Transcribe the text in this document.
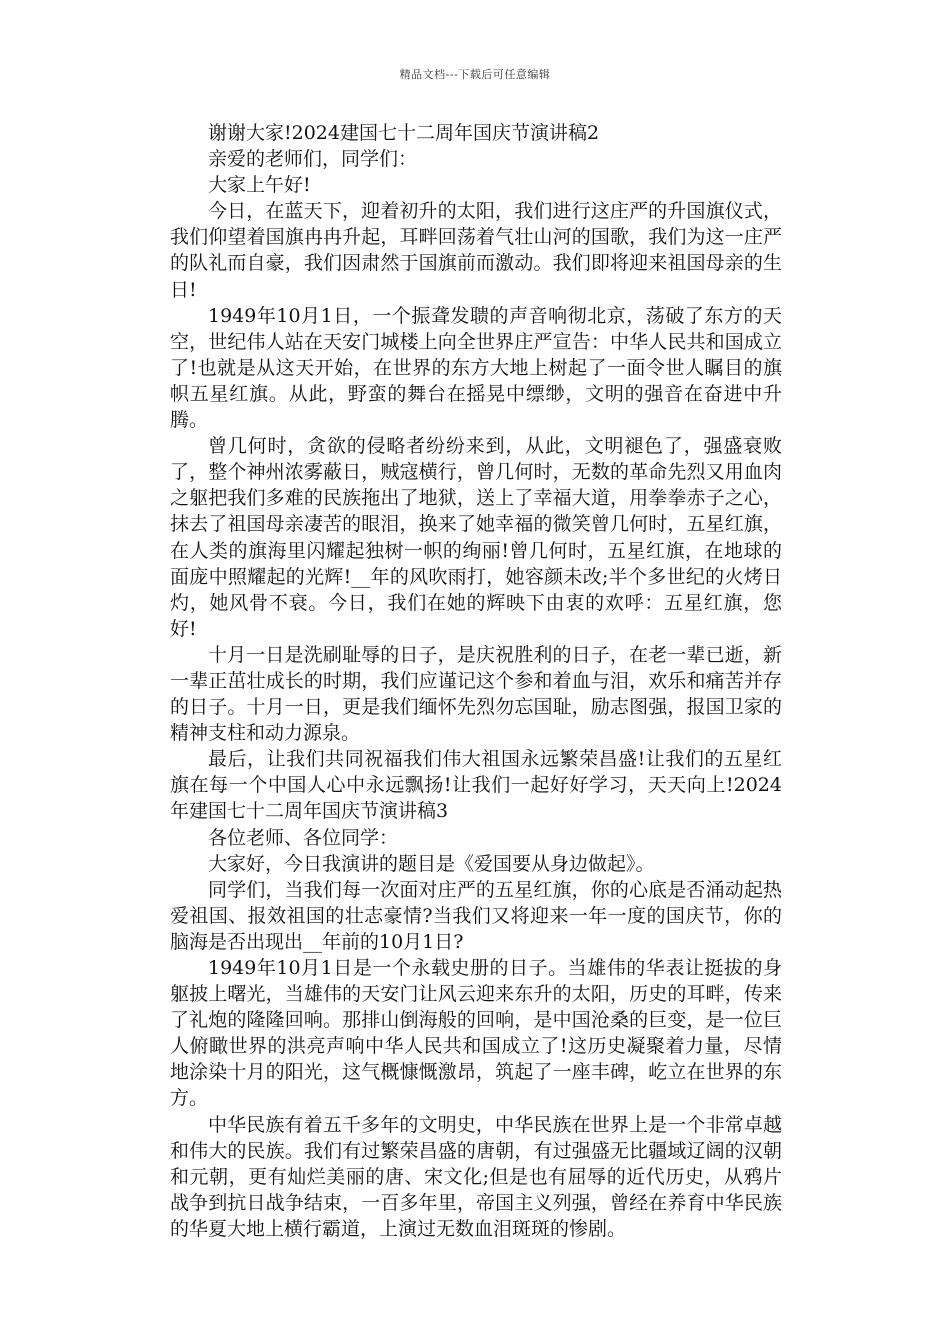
精品文档---下载后可任意编辑

谢谢大家!2024建国七十二周年国庆节演讲稿2

亲爱的老师们，同学们：

大家上午好!

今日，在蓝天下，迎着初升的太阳，我们进行这庄严的升国旗仪式，我们仰望着国旗冉冉升起，耳畔回荡着气壮山河的国歌，我们为这一庄严的队礼而自豪，我们因肃然于国旗前而激动。我们即将迎来祖国母亲的生日!

1949年10月1日，一个振聋发聩的声音响彻北京，荡破了东方的天空，世纪伟人站在天安门城楼上向全世界庄严宣告：中华人民共和国成立了!也就是从这天开始，在世界的东方大地上树起了一面令世人瞩目的旗帜五星红旗。从此，野蛮的舞台在摇晃中缥缈，文明的强音在奋进中升腾。

曾几何时，贪欲的侵略者纷纷来到，从此，文明褪色了，强盛衰败了，整个神州浓雾蔽日，贼寇横行，曾几何时，无数的革命先烈又用血肉之躯把我们多难的民族拖出了地狱，送上了幸福大道，用拳拳赤子之心，抹去了祖国母亲凄苦的眼泪，换来了她幸福的微笑曾几何时，五星红旗，在人类的旗海里闪耀起独树一帜的绚丽!曾几何时，五星红旗，在地球的面庞中照耀起的光辉!__年的风吹雨打，她容颜未改;半个多世纪的火烤日灼，她风骨不衰。今日，我们在她的辉映下由衷的欢呼：五星红旗，您好!

十月一日是洗刷耻辱的日子，是庆祝胜利的日子，在老一辈已逝，新一辈正茁壮成长的时期，我们应谨记这个参和着血与泪，欢乐和痛苦并存的日子。十月一日，更是我们缅怀先烈勿忘国耻，励志图强，报国卫家的精神支柱和动力源泉。

最后，让我们共同祝福我们伟大祖国永远繁荣昌盛!让我们的五星红旗在每一个中国人心中永远飘扬!让我们一起好好学习，天天向上!2024年建国七十二周年国庆节演讲稿3

各位老师、各位同学：

大家好，今日我演讲的题目是《爱国要从身边做起》。

同学们，当我们每一次面对庄严的五星红旗，你的心底是否涌动起热爱祖国、报效祖国的壮志豪情?当我们又将迎来一年一度的国庆节，你的脑海是否出现出__年前的10月1日?

1949年10月1日是一个永载史册的日子。当雄伟的华表让挺拔的身躯披上曙光，当雄伟的天安门让风云迎来东升的太阳，历史的耳畔，传来了礼炮的隆隆回响。那排山倒海般的回响，是中国沧桑的巨变，是一位巨人俯瞰世界的洪亮声响中华人民共和国成立了!这历史凝聚着力量，尽情地涂染十月的阳光，这气概慷慨激昂，筑起了一座丰碑，屹立在世界的东方。

中华民族有着五千多年的文明史，中华民族在世界上是一个非常卓越和伟大的民族。我们有过繁荣昌盛的唐朝，有过强盛无比疆域辽阔的汉朝和元朝，更有灿烂美丽的唐、宋文化;但是也有屈辱的近代历史，从鸦片战争到抗日战争结束，一百多年里，帝国主义列强，曾经在养育中华民族的华夏大地上横行霸道，上演过无数血泪斑斑的惨剧。
